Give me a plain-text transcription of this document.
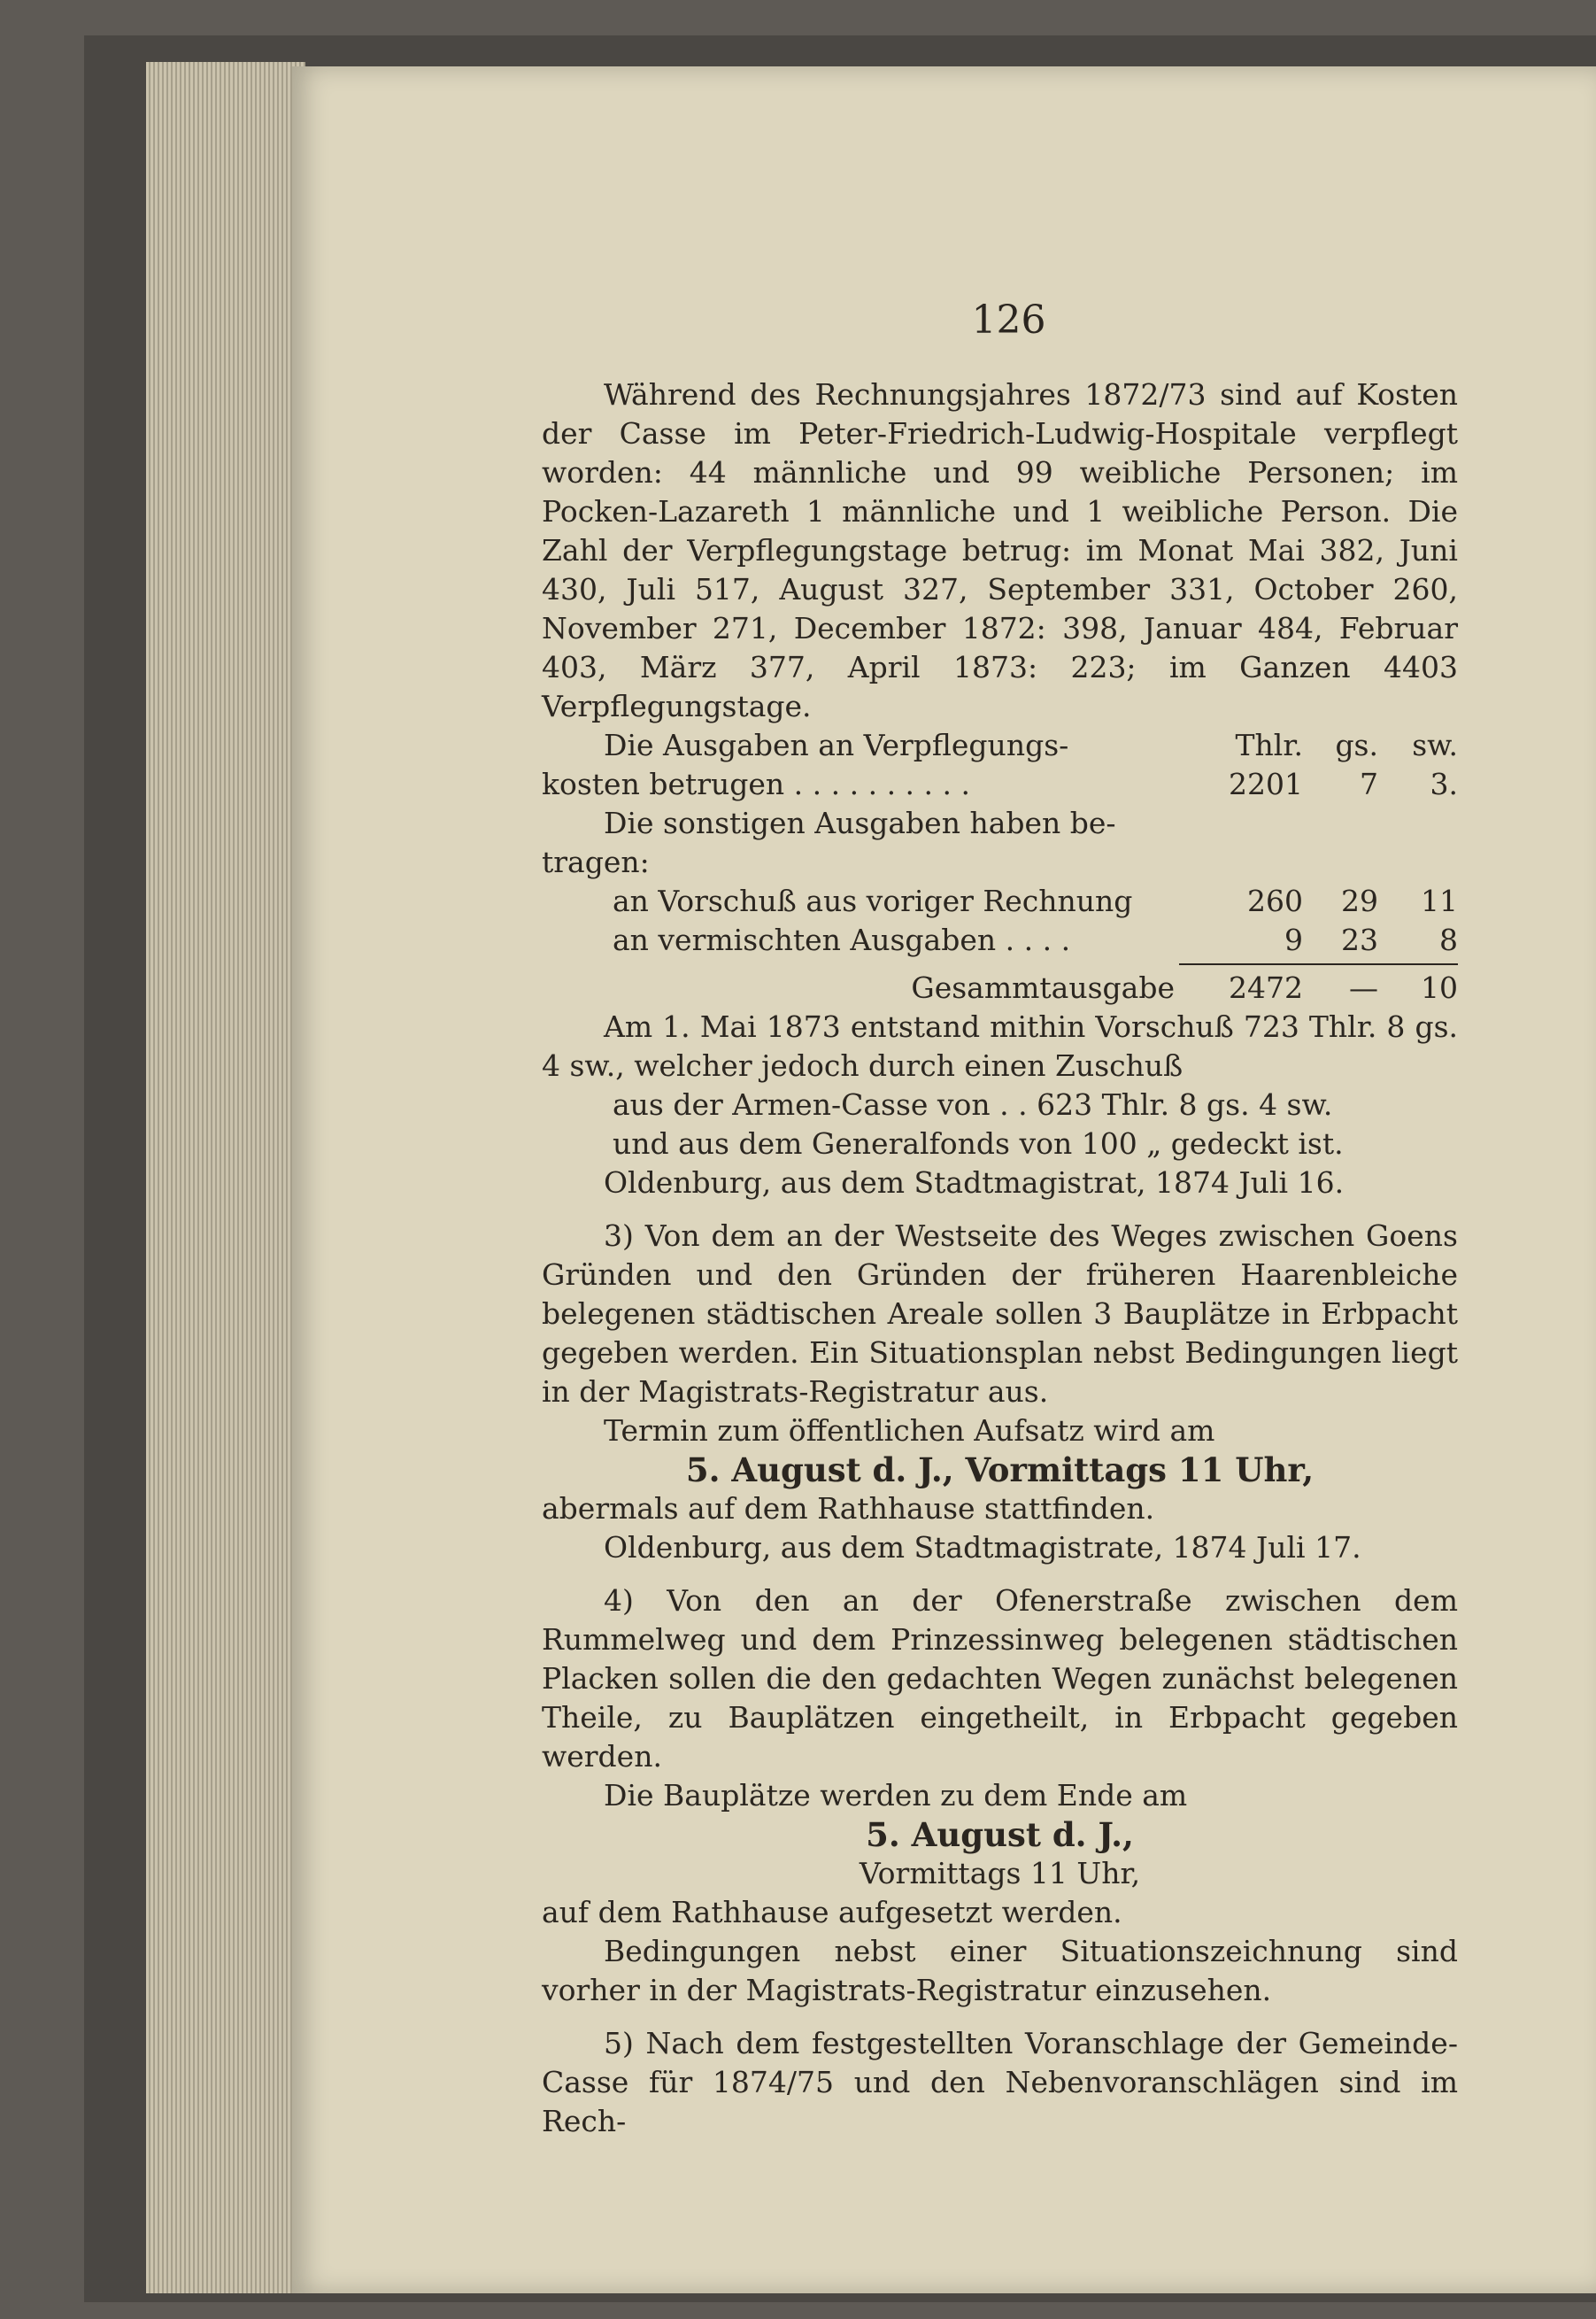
126

Während des Rechnungsjahres 1872/73 sind auf Kosten der Casse im Peter-Friedrich-Ludwig-Hospitale verpflegt worden: 44 männliche und 99 weibliche Personen; im Pocken-Lazareth 1 männliche und 1 weibliche Person. Die Zahl der Verpflegungstage betrug: im Monat Mai 382, Juni 430, Juli 517, August 327, September 331, October 260, November 271, December 1872: 398, Januar 484, Februar 403, März 377, April 1873: 223; im Ganzen 4403 Verpflegungstage.

Die Ausgaben an Verpflegungs-	Thlr.	gs.	sw.
kosten betrugen . . . . . . . . . .	2201	7	3.
Die sonstigen Ausgaben haben be-
tragen:
an Vorschuß aus voriger Rechnung	260	29	11
an vermischten Ausgaben . . . .	9	23	8
Gesammtausgabe	2472	—	10

Am 1. Mai 1873 entstand mithin Vorschuß 723 Thlr. 8 gs. 4 sw., welcher jedoch durch einen Zuschuß

aus der Armen-Casse von . . 623 Thlr. 8 gs. 4 sw.

und aus dem Generalfonds von 100 „ gedeckt ist.

Oldenburg, aus dem Stadtmagistrat, 1874 Juli 16.

3) Von dem an der Westseite des Weges zwischen Goens Gründen und den Gründen der früheren Haarenbleiche belegenen städtischen Areale sollen 3 Bauplätze in Erbpacht gegeben werden. Ein Situationsplan nebst Bedingungen liegt in der Magistrats-Registratur aus.

Termin zum öffentlichen Aufsatz wird am

5. August d. J., Vormittags 11 Uhr,

abermals auf dem Rathhause stattfinden.

Oldenburg, aus dem Stadtmagistrate, 1874 Juli 17.

4) Von den an der Ofenerstraße zwischen dem Rummelweg und dem Prinzessinweg belegenen städtischen Placken sollen die den gedachten Wegen zunächst belegenen Theile, zu Bauplätzen eingetheilt, in Erbpacht gegeben werden.

Die Bauplätze werden zu dem Ende am

5. August d. J.,

Vormittags 11 Uhr,

auf dem Rathhause aufgesetzt werden.

Bedingungen nebst einer Situationszeichnung sind vorher in der Magistrats-Registratur einzusehen.

5) Nach dem festgestellten Voranschlage der Gemeinde-Casse für 1874/75 und den Nebenvoranschlägen sind im Rech-
